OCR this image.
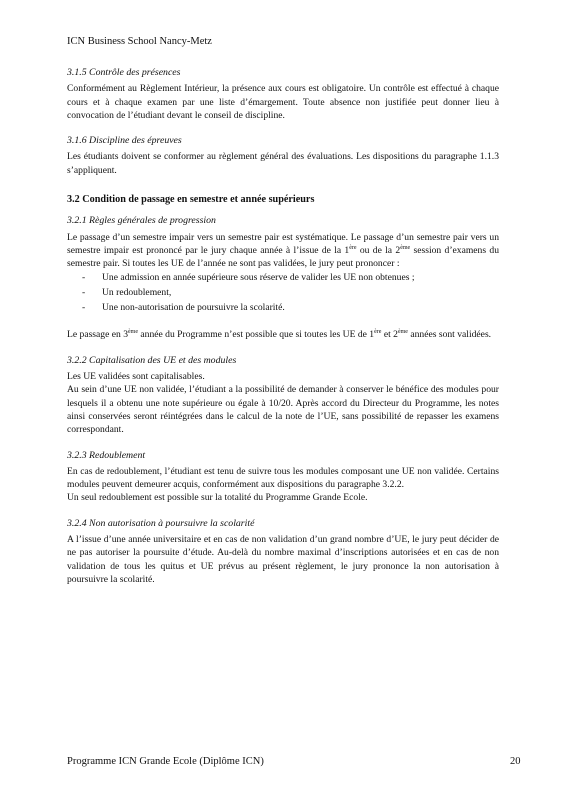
ICN Business School Nancy-Metz
3.1.5 Contrôle des présences

Conformément au Règlement Intérieur, la présence aux cours est obligatoire. Un contrôle est effectué à chaque cours et à chaque examen par une liste d’émargement. Toute absence non justifiée peut donner lieu à convocation de l’étudiant devant le conseil de discipline.

3.1.6 Discipline des épreuves

Les étudiants doivent se conformer au règlement général des évaluations. Les dispositions du paragraphe 1.1.3 s’appliquent.

3.2 Condition de passage en semestre et année supérieurs
3.2.1 Règles générales de progression

Le passage d’un semestre impair vers un semestre pair est systématique. Le passage d’un semestre pair vers un semestre impair est prononcé par le jury chaque année à l’issue de la 1ère ou de la 2ème session d’examens du semestre pair. Si toutes les UE de l’année ne sont pas validées, le jury peut prononcer :

- Une admission en année supérieure sous réserve de valider les UE non obtenues ;
- Un redoublement,
- Une non-autorisation de poursuivre la scolarité.

Le passage en 3ème année du Programme n’est possible que si toutes les UE de 1ère et 2ème années sont validées.

3.2.2 Capitalisation des UE et des modules

Les UE validées sont capitalisables.

Au sein d’une UE non validée, l’étudiant a la possibilité de demander à conserver le bénéfice des modules pour lesquels il a obtenu une note supérieure ou égale à 10/20. Après accord du Directeur du Programme, les notes ainsi conservées seront réintégrées dans le calcul de la note de l’UE, sans possibilité de repasser les examens correspondant.

3.2.3 Redoublement

En cas de redoublement, l’étudiant est tenu de suivre tous les modules composant une UE non validée. Certains modules peuvent demeurer acquis, conformément aux dispositions du paragraphe 3.2.2.

Un seul redoublement est possible sur la totalité du Programme Grande Ecole.

3.2.4 Non autorisation à poursuivre la scolarité

A l’issue d’une année universitaire et en cas de non validation d’un grand nombre d’UE, le jury peut décider de ne pas autoriser la poursuite d’étude. Au-delà du nombre maximal d’inscriptions autorisées et en cas de non validation de tous les quitus et UE prévus au présent règlement, le jury prononce la non autorisation à poursuivre la scolarité.

Programme ICN Grande Ecole (Diplôme ICN)	20
